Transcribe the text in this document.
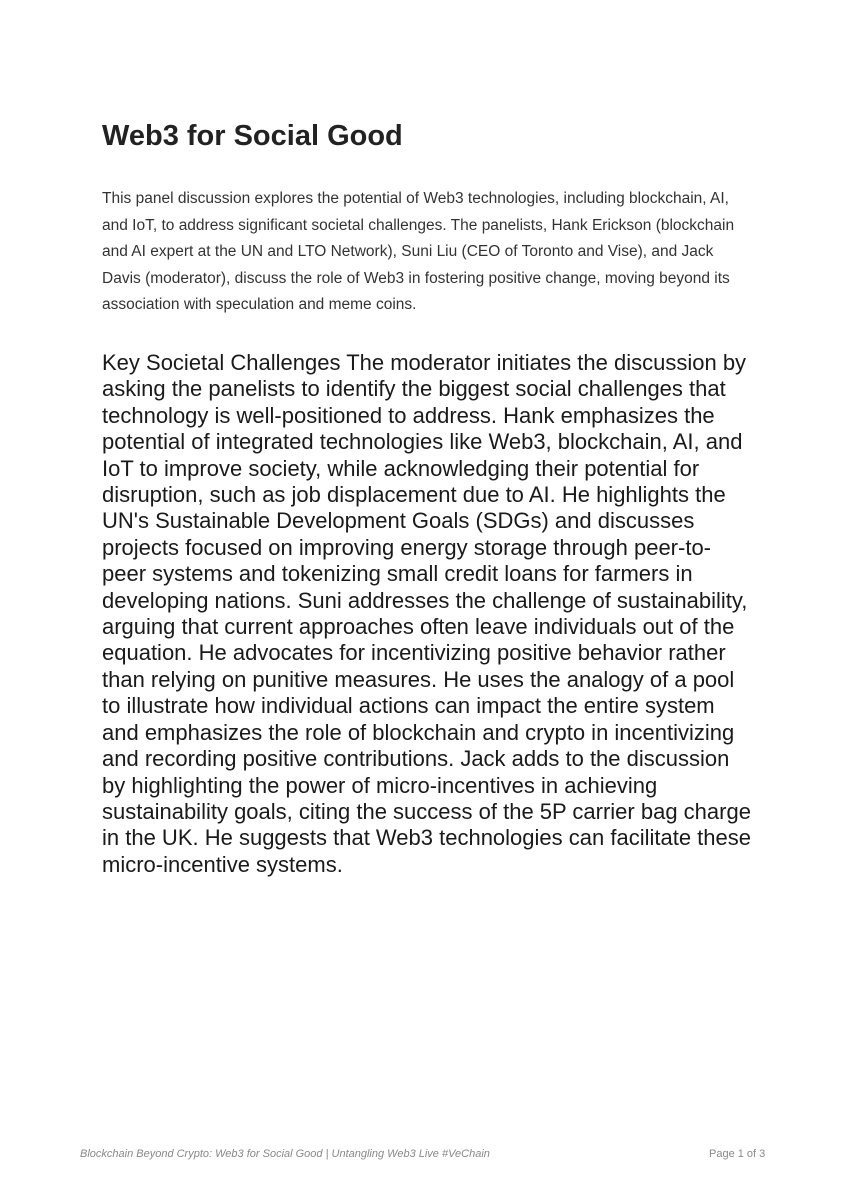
Web3 for Social Good

This panel discussion explores the potential of Web3 technologies, including blockchain, AI, and IoT, to address significant societal challenges. The panelists, Hank Erickson (blockchain and AI expert at the UN and LTO Network), Suni Liu (CEO of Toronto and Vise), and Jack Davis (moderator), discuss the role of Web3 in fostering positive change, moving beyond its association with speculation and meme coins.

Key Societal Challenges The moderator initiates the discussion by asking the panelists to identify the biggest social challenges that technology is well-positioned to address. Hank emphasizes the potential of integrated technologies like Web3, blockchain, AI, and IoT to improve society, while acknowledging their potential for disruption, such as job displacement due to AI. He highlights the UN's Sustainable Development Goals (SDGs) and discusses projects focused on improving energy storage through peer-to-peer systems and tokenizing small credit loans for farmers in developing nations. Suni addresses the challenge of sustainability, arguing that current approaches often leave individuals out of the equation. He advocates for incentivizing positive behavior rather than relying on punitive measures. He uses the analogy of a pool to illustrate how individual actions can impact the entire system and emphasizes the role of blockchain and crypto in incentivizing and recording positive contributions. Jack adds to the discussion by highlighting the power of micro-incentives in achieving sustainability goals, citing the success of the 5P carrier bag charge in the UK. He suggests that Web3 technologies can facilitate these micro-incentive systems.

Blockchain Beyond Crypto: Web3 for Social Good | Untangling Web3 Live #VeChain	Page 1 of 3
